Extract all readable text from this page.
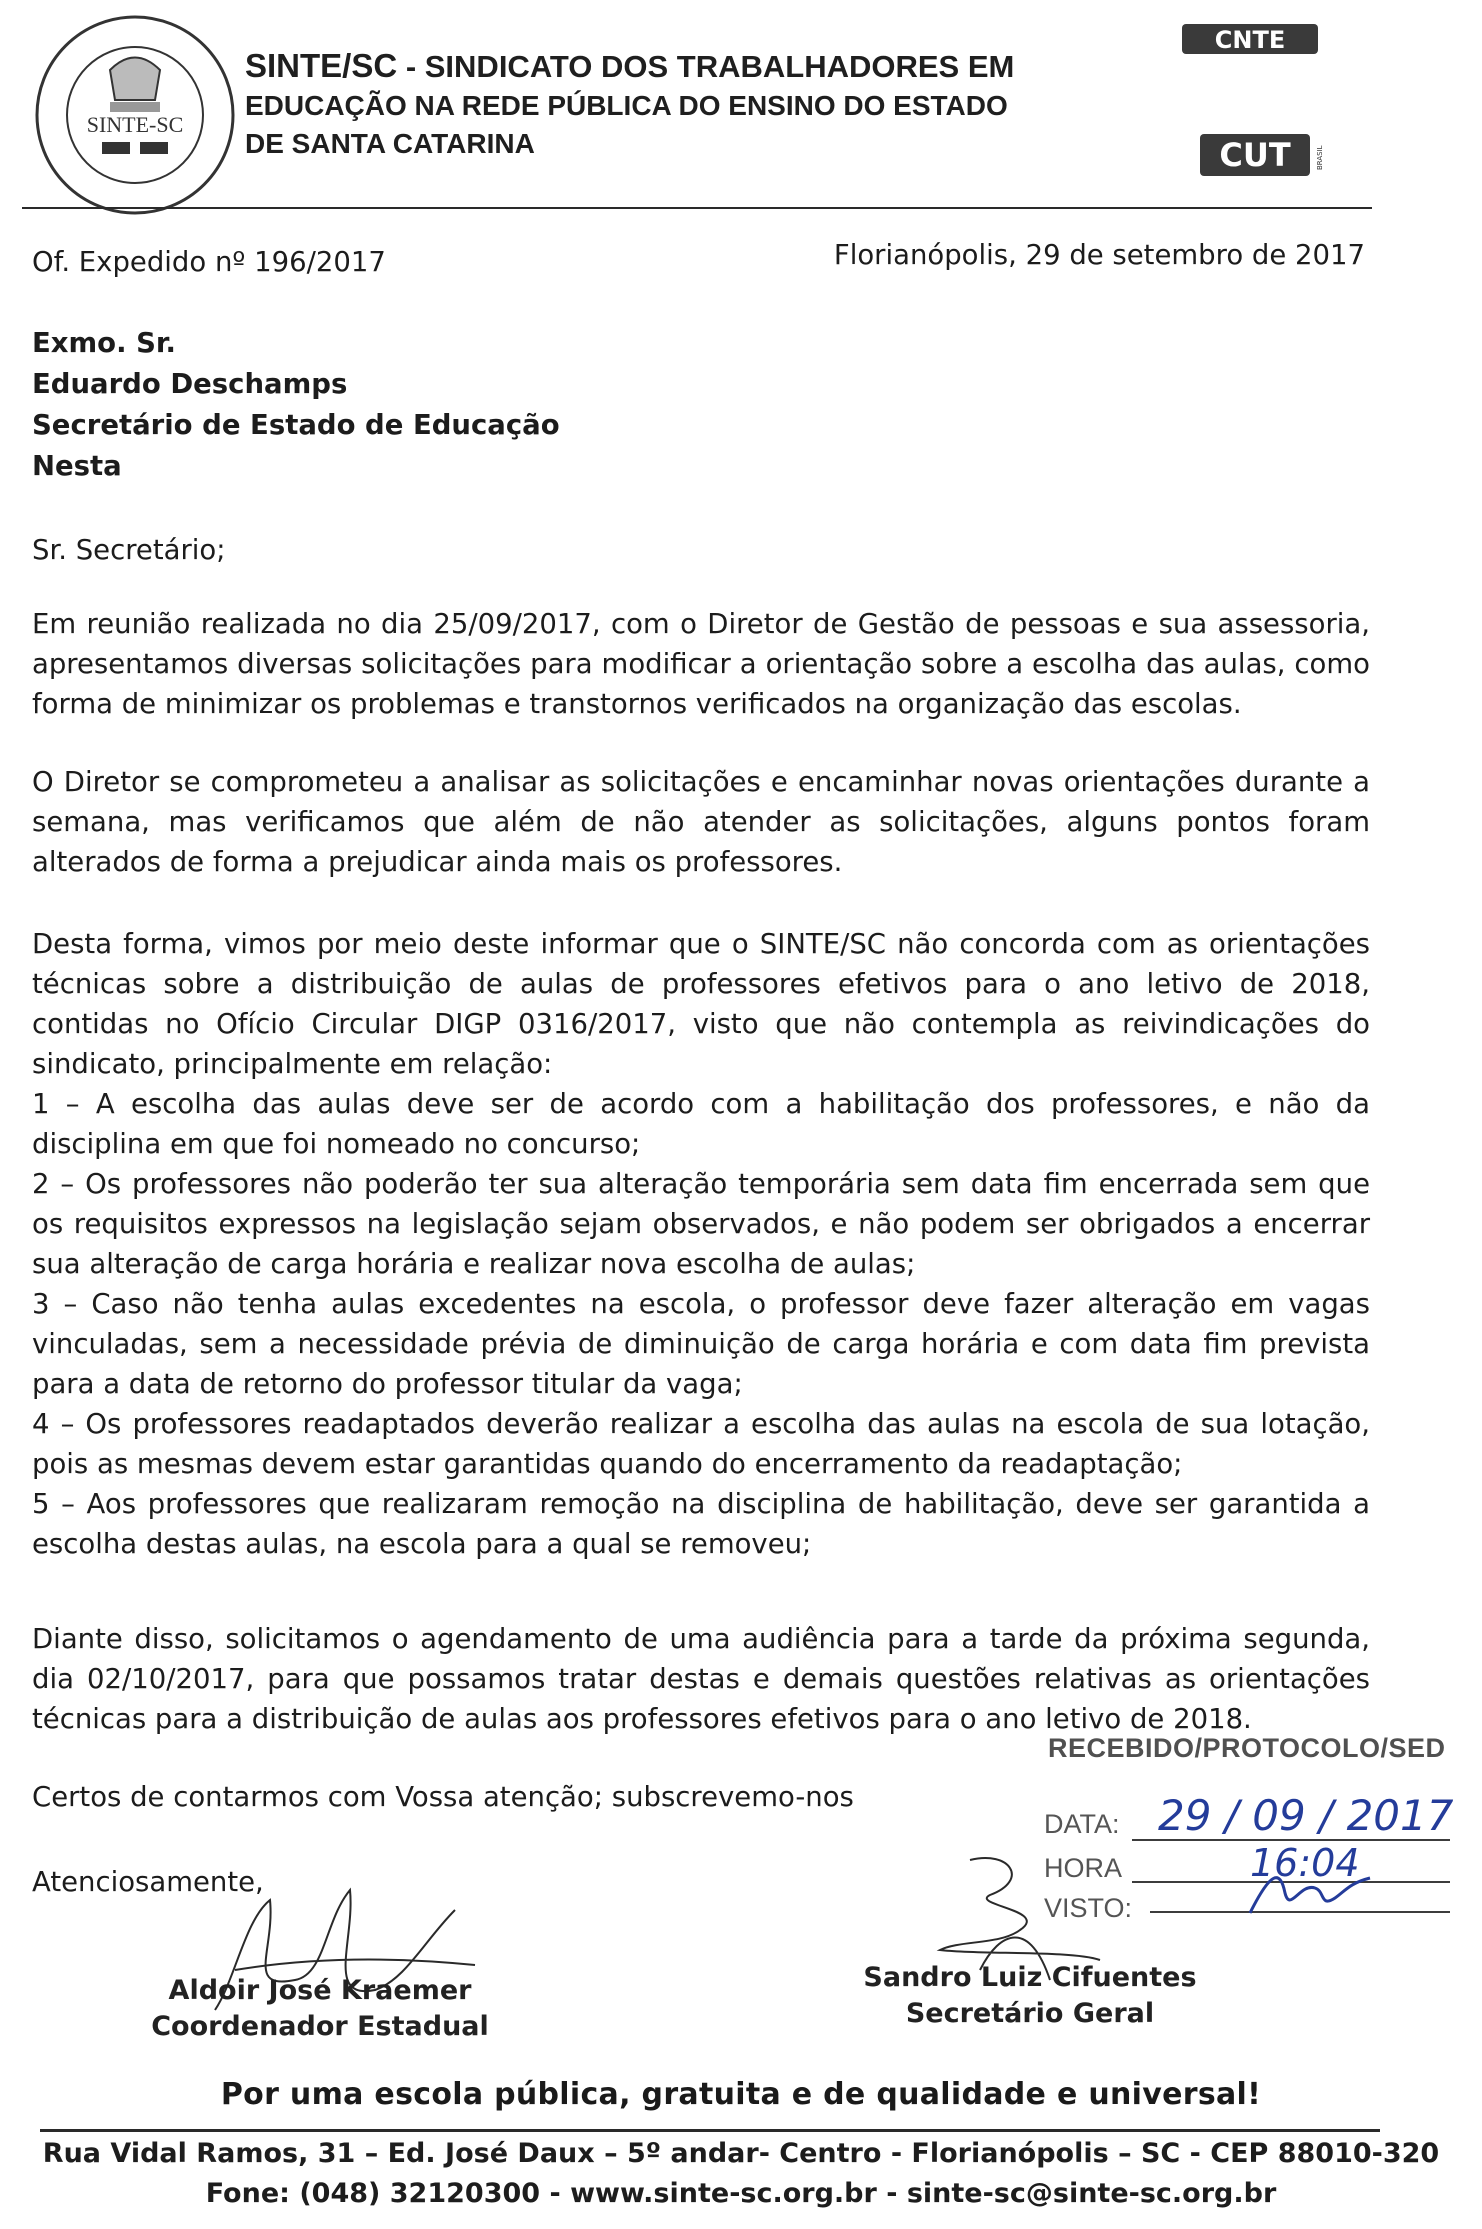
SINTE-SC
SINTE/SC - SINDICATO DOS TRABALHADORES EM
EDUCAÇÃO NA REDE PÚBLICA DO ENSINO DO ESTADO
DE SANTA CATARINA
CNTE
CUT	BRASIL
Of. Expedido nº 196/2017	Florianópolis, 29 de setembro de 2017
Exmo. Sr.
Eduardo Deschamps
Secretário de Estado de Educação
Nesta
Sr. Secretário;
Em reunião realizada no dia 25/09/2017, com o Diretor de Gestão de pessoas e sua assessoria, apresentamos diversas solicitações para modificar a orientação sobre a escolha das aulas, como forma de minimizar os problemas e transtornos verificados na organização das escolas.
O Diretor se comprometeu a analisar as solicitações e encaminhar novas orientações durante a semana, mas verificamos que além de não atender as solicitações, alguns pontos foram alterados de forma a prejudicar ainda mais os professores.

Desta forma, vimos por meio deste informar que o SINTE/SC não concorda com as orientações técnicas sobre a distribuição de aulas de professores efetivos para o ano letivo de 2018, contidas no Ofício Circular DIGP 0316/2017, visto que não contempla as reivindicações do sindicato, principalmente em relação:

1 – A escolha das aulas deve ser de acordo com a habilitação dos professores, e não da disciplina em que foi nomeado no concurso;

2 – Os professores não poderão ter sua alteração temporária sem data fim encerrada sem que os requisitos expressos na legislação sejam observados, e não podem ser obrigados a encerrar sua alteração de carga horária e realizar nova escolha de aulas;

3 – Caso não tenha aulas excedentes na escola, o professor deve fazer alteração em vagas vinculadas, sem a necessidade prévia de diminuição de carga horária e com data fim prevista para a data de retorno do professor titular da vaga;

4 – Os professores readaptados deverão realizar a escolha das aulas na escola de sua lotação, pois as mesmas devem estar garantidas quando do encerramento da readaptação;

5 – Aos professores que realizaram remoção na disciplina de habilitação, deve ser garantida a escolha destas aulas, na escola para a qual se removeu;

Diante disso, solicitamos o agendamento de uma audiência para a tarde da próxima segunda, dia 02/10/2017, para que possamos tratar destas e demais questões relativas as orientações técnicas para a distribuição de aulas aos professores efetivos para o ano letivo de 2018.
Certos de contarmos com Vossa atenção; subscrevemo-nos
Atenciosamente,
RECEBIDO/PROTOCOLO/SED
DATA: 29 / 09 / 2017
HORA	16:04
VISTO:
Aldoir José Kraemer
Coordenador Estadual
Sandro Luiz Cifuentes
Secretário Geral
Por uma escola pública, gratuita e de qualidade e universal!
Rua Vidal Ramos, 31 – Ed. José Daux – 5º andar- Centro - Florianópolis – SC - CEP 88010-320
Fone: (048) 32120300 - www.sinte-sc.org.br - sinte-sc@sinte-sc.org.br
